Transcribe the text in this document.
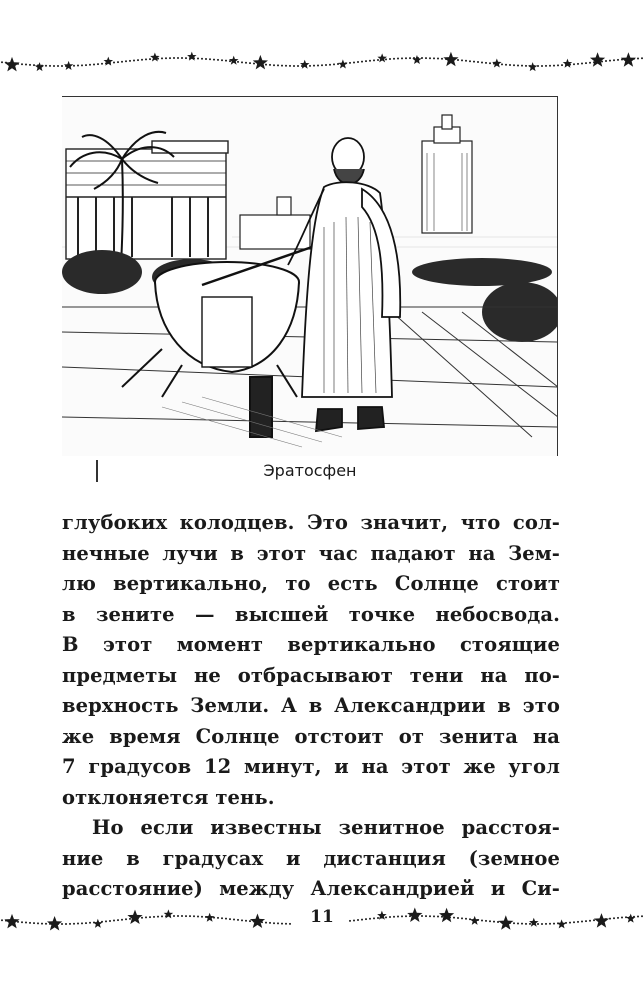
Эратосфен
глубоких колодцев. Это значит, что сол-
нечные лучи в этот час падают на Зем-
лю вертикально, то есть Солнце стоит
в зените — высшей точке небосвода.
В этот момент вертикально стоящие
предметы не отбрасывают тени на по-
верхность Земли. А в Александрии в это
же время Солнце отстоит от зенита на
7 градусов 12 минут, и на этот же угол
отклоняется тень.
Но если известны зенитное расстоя-
ние в градусах и дистанция (земное
расстояние) между Александрией и Си-
11
